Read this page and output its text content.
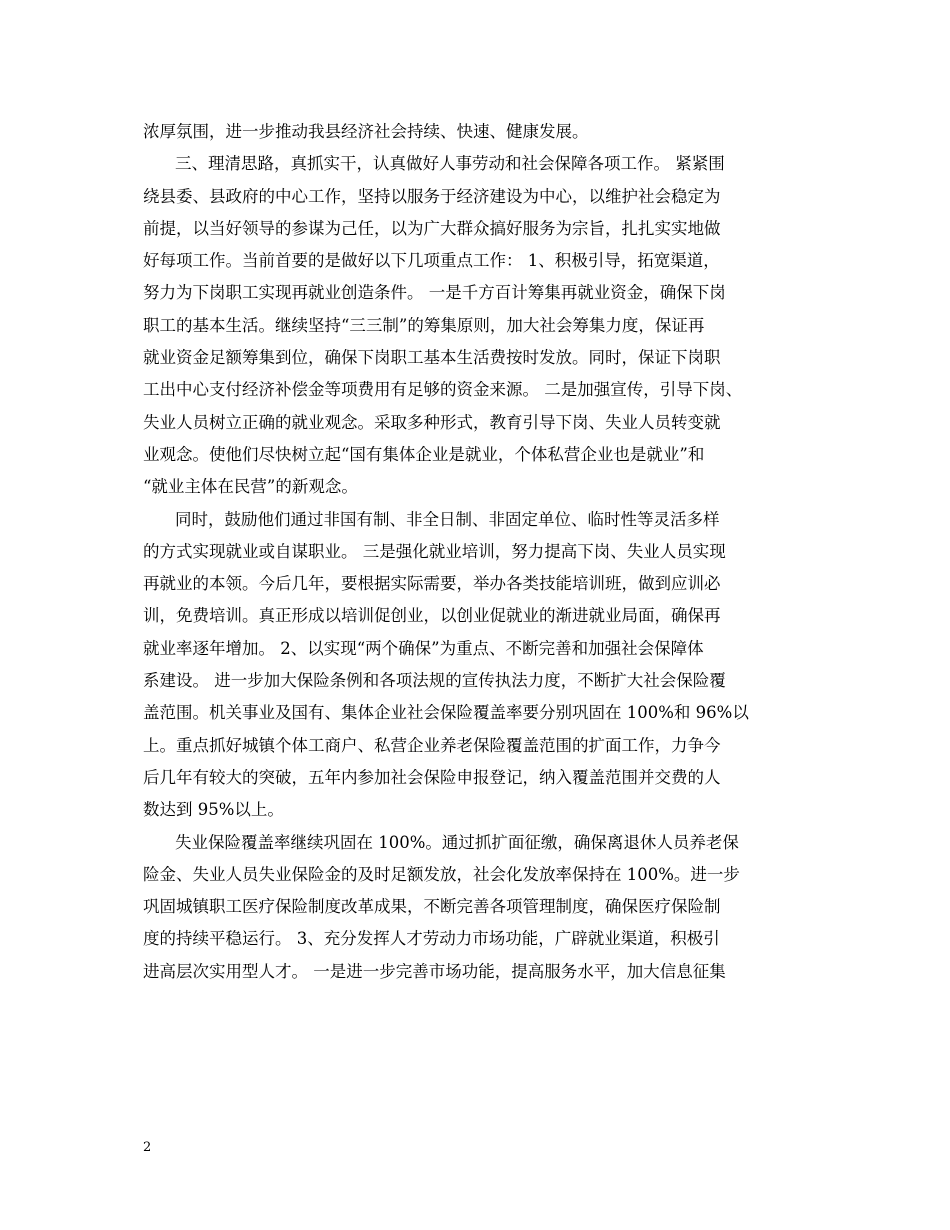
浓厚氛围，进一步推动我县经济社会持续、快速、健康发展。
三、理清思路，真抓实干，认真做好人事劳动和社会保障各项工作。 紧紧围
绕县委、县政府的中心工作，坚持以服务于经济建设为中心，以维护社会稳定为
前提，以当好领导的参谋为己任，以为广大群众搞好服务为宗旨，扎扎实实地做
好每项工作。当前首要的是做好以下几项重点工作： 1、积极引导，拓宽渠道，
努力为下岗职工实现再就业创造条件。 一是千方百计筹集再就业资金，确保下岗
职工的基本生活。继续坚持“三三制”的筹集原则，加大社会筹集力度，保证再
就业资金足额筹集到位，确保下岗职工基本生活费按时发放。同时，保证下岗职
工出中心支付经济补偿金等项费用有足够的资金来源。 二是加强宣传，引导下岗、
失业人员树立正确的就业观念。采取多种形式，教育引导下岗、失业人员转变就
业观念。使他们尽快树立起“国有集体企业是就业，个体私营企业也是就业”和
“就业主体在民营”的新观念。
同时，鼓励他们通过非国有制、非全日制、非固定单位、临时性等灵活多样
的方式实现就业或自谋职业。 三是强化就业培训，努力提高下岗、失业人员实现
再就业的本领。今后几年，要根据实际需要，举办各类技能培训班，做到应训必
训，免费培训。真正形成以培训促创业，以创业促就业的渐进就业局面，确保再
就业率逐年增加。 2、以实现“两个确保”为重点、不断完善和加强社会保障体
系建设。 进一步加大保险条例和各项法规的宣传执法力度，不断扩大社会保险覆
盖范围。机关事业及国有、集体企业社会保险覆盖率要分别巩固在 100%和 96%以
上。重点抓好城镇个体工商户、私营企业养老保险覆盖范围的扩面工作，力争今
后几年有较大的突破，五年内参加社会保险申报登记，纳入覆盖范围并交费的人
数达到 95%以上。
失业保险覆盖率继续巩固在 100%。通过抓扩面征缴，确保离退休人员养老保
险金、失业人员失业保险金的及时足额发放，社会化发放率保持在 100%。进一步
巩固城镇职工医疗保险制度改革成果，不断完善各项管理制度，确保医疗保险制
度的持续平稳运行。 3、充分发挥人才劳动力市场功能，广辟就业渠道，积极引
进高层次实用型人才。 一是进一步完善市场功能，提高服务水平，加大信息征集
2
